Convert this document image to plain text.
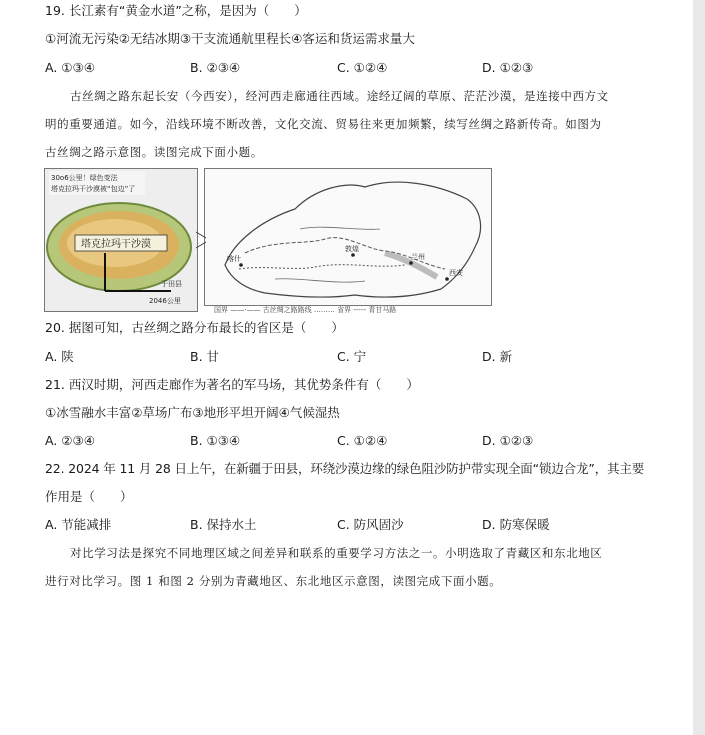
19. 长江素有“黄金水道”之称，是因为（　　）
①河流无污染②无结冰期③干支流通航里程长④客运和货运需求量大
A. ①③④	B. ②③④	C. ①②④	D. ①②③
古丝绸之路东起长安（今西安），经河西走廊通往西域。途经辽阔的草原、茫茫沙漠，是连接中西方文
明的重要通道。如今，沿线环境不断改善，文化交流、贸易往来更加频繁，续写丝绸之路新传奇。如图为
古丝绸之路示意图。读图完成下面小题。
塔克拉玛干沙漠
于田县
2046公里
30o6公里！绿色变法
塔克拉玛干沙漠被“包边”了
喀什
西安
兰州
敦煌
国界 ——·—— 古丝绸之路路线 ……… 省界 ----- 青甘马路
20. 据图可知，古丝绸之路分布最长的省区是（　　）
A. 陕	B. 甘	C. 宁	D. 新
21. 西汉时期，河西走廊作为著名的军马场，其优势条件有（　　）
①冰雪融水丰富②草场广布③地形平坦开阔④气候湿热
A. ②③④	B. ①③④	C. ①②④	D. ①②③
22. 2024 年 11 月 28 日上午，在新疆于田县，环绕沙漠边缘的绿色阻沙防护带实现全面“锁边合龙”，其主要
作用是（　　）
A. 节能减排	B. 保持水土	C. 防风固沙	D. 防寒保暖
对比学习法是探究不同地理区域之间差异和联系的重要学习方法之一。小明选取了青藏区和东北地区
进行对比学习。图 1 和图 2 分别为青藏地区、东北地区示意图，读图完成下面小题。
